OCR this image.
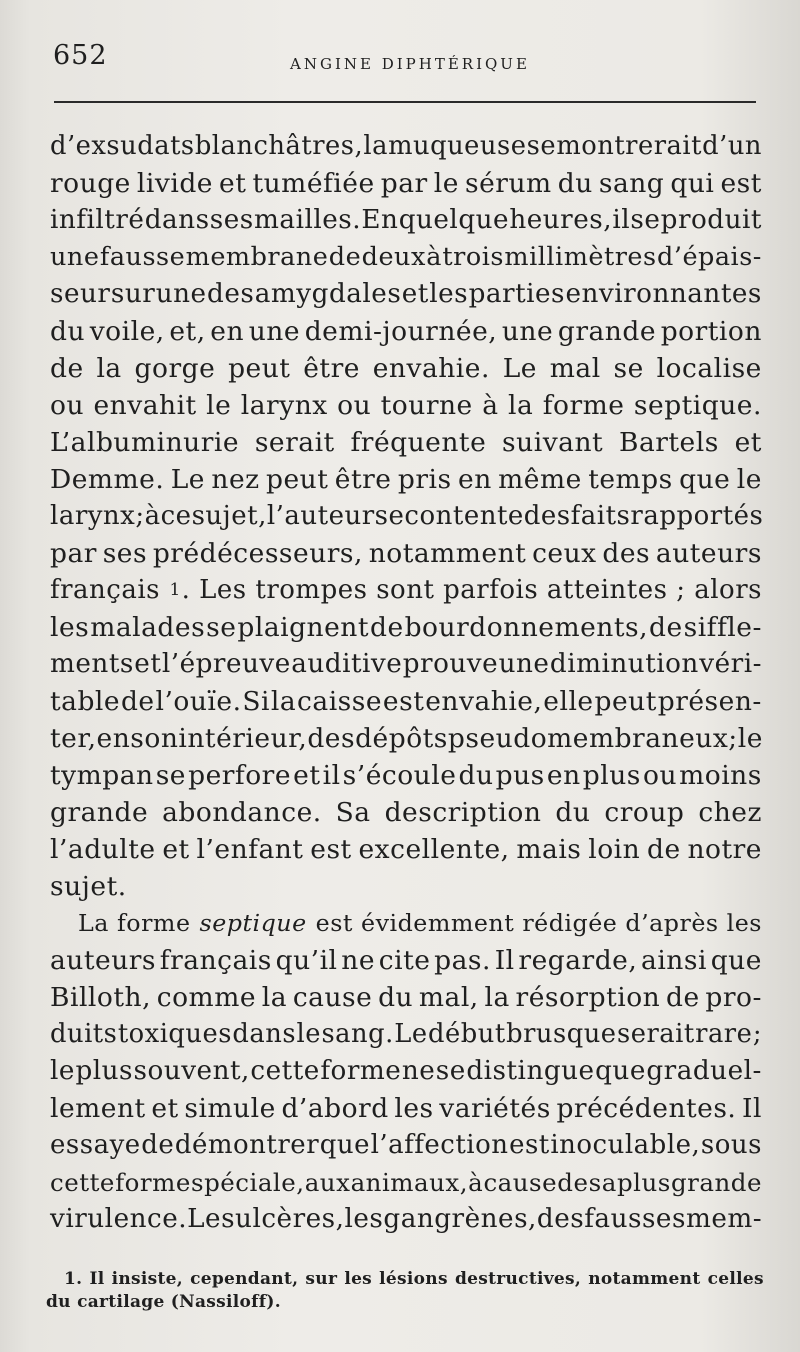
652	ANGINE DIPHTÉRIQUE
d’exsudats blanchâtres, la muqueuse se montrerait d’un
rouge livide et tuméfiée par le sérum du sang qui est
infiltré dans ses mailles. En quelque heures, il se produit
une fausse membrane de deux à trois millimètres d’épais-
seur sur une des amygdales et les parties environnantes
du voile, et, en une demi-journée, une grande portion
de la gorge peut être envahie. Le mal se localise
ou envahit le larynx ou tourne à la forme septique.
L’albuminurie serait fréquente suivant Bartels et
Demme. Le nez peut être pris en même temps que le
larynx ; à ce sujet, l’auteur se contente des faits rapportés
par ses prédécesseurs, notamment ceux des auteurs
français 1 . Les trompes sont parfois atteintes ; alors
les malades se plaignent de bourdonnements, de siffle-
ments et l’épreuve auditive prouve une diminution véri-
table de l’ouïe. Si la caisse est envahie, elle peut présen-
ter, en son intérieur, des dépôts pseudomembraneux; le
tympan se perfore et il s’écoule du pus en plus ou moins
grande abondance. Sa description du croup chez
l’adulte et l’enfant est excellente, mais loin de notre
sujet.
La forme septique est évidemment rédigée d’après les
auteurs français qu’il ne cite pas. Il regarde, ainsi que
Billoth, comme la cause du mal, la résorption de pro-
duits toxiques dans le sang. Le début brusque serait rare ;
le plus souvent, cette forme ne se distingue que graduel-
lement et simule d’abord les variétés précédentes. Il
essaye de démontrer que l’affection est inoculable, sous
cette forme spéciale, aux animaux, à cause de sa plus grande
virulence. Les ulcères, les gangrènes, des fausses mem-
1. Il insiste, cependant, sur les lésions destructives, notamment celles
du cartilage (Nassiloff).
